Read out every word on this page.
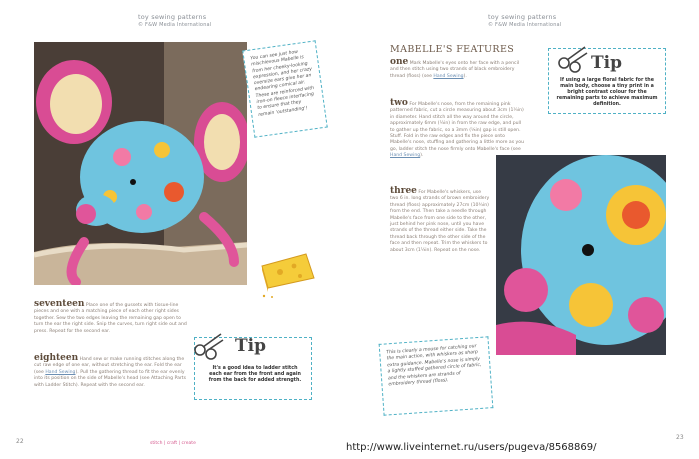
toy sewing patterns
© F&W Media International
You can see just how mischievous Mabelle is from her cheeky-looking expression, and her crazy oversize ears give her an endearing comical air. These are reinforced with iron-on fleece interfacing to ensure that they remain 'outstanding'!
seventeen Place one of the gussets with tissue-line pieces and one with a matching piece of each other right sides together. Sew the two edges leaving the remaining gap open to turn the ear the right side. Snip the curves, turn right side out and press. Repeat for the second ear.
eighteen Hand sew or make running stitches along the cut raw edge of one ear, without stretching the ear. Fold the ear (see Hand Sewing). Pull the gathering thread to fit the ear evenly into its position on the side of Mabelle's head (see Attaching Parts with Ladder Stitch). Repeat with the second ear.
Tip
It's a good idea to ladder stitch each ear from the front and again from the back for added strength.
22	stitch | craft | create
toy sewing patterns
© F&W Media International
MABELLE'S FEATURES
one Mark Mabelle's eyes onto her face with a pencil and then stitch using two strands of black embroidery thread (floss) (see Hand Sewing).
two For Mabelle's nose, from the remaining pink patterned fabric, cut a circle measuring about 3cm (1¼in) in diameter. Hand stitch all the way around the circle, approximately 6mm (¼in) in from the raw edge, and pull to gather up the fabric, so a 3mm (⅛in) gap is still open. Stuff. Fold in the raw edges and fix the piece onto Mabelle's nose, stuffing and gathering a little more as you go, ladder stitch the nose firmly onto Mabelle's face (see Hand Sewing).
three For Mabelle's whiskers, use two 6 in. long strands of brown embroidery thread (floss) approximately 27cm (10¾in) from the end. Then take a needle through Mabelle's face from one side to the other, just behind her pink nose, until you have strands of the thread either side. Take the thread back through the other side of the face and then repeat. Trim the whiskers to about 3cm (1¼in). Repeat on the nose.
Tip
If using a large floral fabric for the main body, choose a tiny print in a bright contrast colour for the remaining parts to achieve maximum definition.
This is clearly a mouse for catching our the main action, with whiskers as sharp extra guidance. Mabelle's nose is simply a lightly stuffed gathered circle of fabric, and the whiskers are strands of embroidery thread (floss).
23
http://www.liveinternet.ru/users/pugeva/8568869/
